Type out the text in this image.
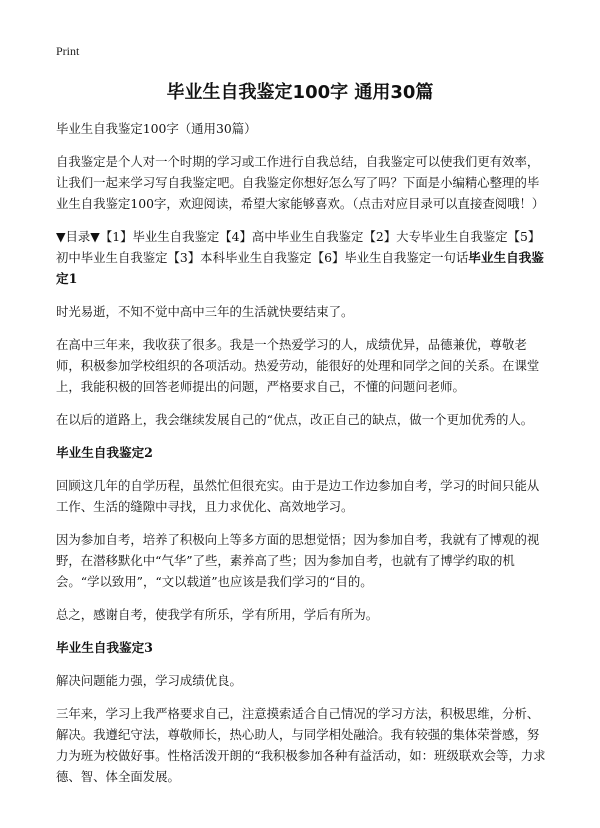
Print
毕业生自我鉴定100字 通用30篇

毕业生自我鉴定100字（通用30篇）

自我鉴定是个人对一个时期的学习或工作进行自我总结，自我鉴定可以使我们更有效率，让我们一起来学习写自我鉴定吧。自我鉴定你想好怎么写了吗？下面是小编精心整理的毕业生自我鉴定100字，欢迎阅读，希望大家能够喜欢。（点击对应目录可以直接查阅哦！）

▼目录▼【1】毕业生自我鉴定【4】高中毕业生自我鉴定【2】大专毕业生自我鉴定【5】初中毕业生自我鉴定【3】本科毕业生自我鉴定【6】毕业生自我鉴定一句话毕业生自我鉴定1

时光易逝，不知不觉中高中三年的生活就快要结束了。

在高中三年来，我收获了很多。我是一个热爱学习的人，成绩优异，品德兼优，尊敬老师，积极参加学校组织的各项活动。热爱劳动，能很好的处理和同学之间的关系。在课堂上，我能积极的回答老师提出的问题，严格要求自己，不懂的问题问老师。

在以后的道路上，我会继续发展自己的“优点，改正自己的缺点，做一个更加优秀的人。

毕业生自我鉴定2

回顾这几年的自学历程，虽然忙但很充实。由于是边工作边参加自考，学习的时间只能从工作、生活的缝隙中寻找，且力求优化、高效地学习。

因为参加自考，培养了积极向上等多方面的思想觉悟；因为参加自考，我就有了博观的视野，在潜移默化中“气华”了些，素养高了些；因为参加自考，也就有了博学约取的机会。“学以致用”，“文以载道”也应该是我们学习的“目的。

总之，感谢自考，使我学有所乐，学有所用，学后有所为。

毕业生自我鉴定3

解决问题能力强，学习成绩优良。

三年来，学习上我严格要求自己，注意摸索适合自己情况的学习方法，积极思维，分析、解决。我遵纪守法，尊敬师长，热心助人，与同学相处融洽。我有较强的集体荣誉感，努力为班为校做好事。性格活泼开朗的“我积极参加各种有益活动，如：班级联欢会等，力求德、智、体全面发展。
